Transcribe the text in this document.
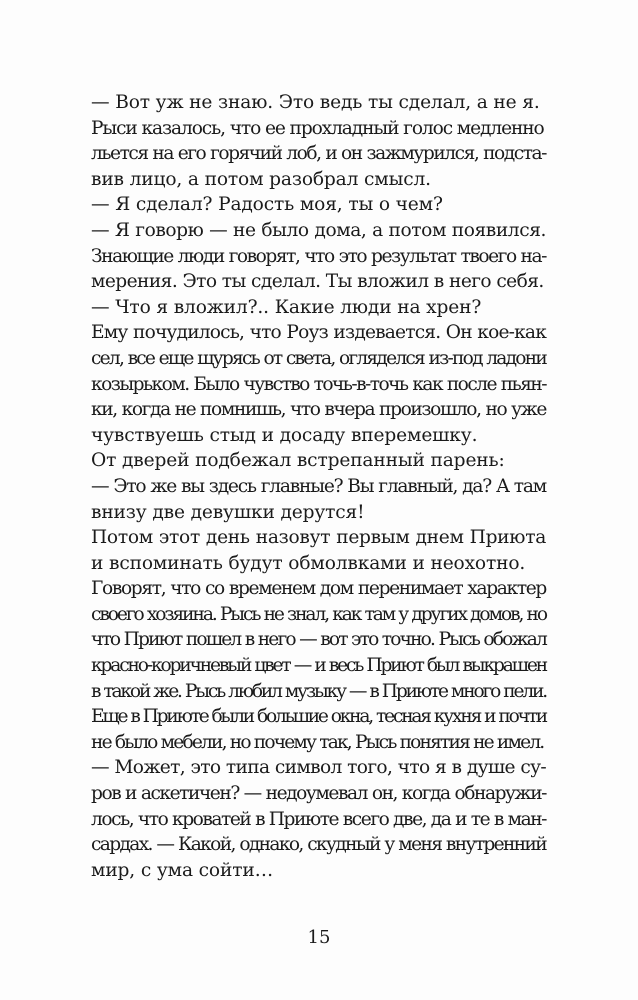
— Вот уж не знаю. Это ведь ты сделал, а не я.
Рыси казалось, что ее прохладный голос медленно
льется на его горячий лоб, и он зажмурился, подста-
вив лицо, а потом разобрал смысл.
— Я сделал? Радость моя, ты о чем?
— Я говорю — не было дома, а потом появился.
Знающие люди говорят, что это результат твоего на-
мерения. Это ты сделал. Ты вложил в него себя.
— Что я вложил?.. Какие люди на хрен?
Ему почудилось, что Роуз издевается. Он кое-как
сел, все еще щурясь от света, огляделся из-под ладони
козырьком. Было чувство точь-в-точь как после пьян-
ки, когда не помнишь, что вчера произошло, но уже
чувствуешь стыд и досаду вперемешку.
От дверей подбежал встрепанный парень:
— Это же вы здесь главные? Вы главный, да? А там
внизу две девушки дерутся!
Потом этот день назовут первым днем Приюта
и вспоминать будут обмолвками и неохотно.
Говорят, что со временем дом перенимает характер
своего хозяина. Рысь не знал, как там у других домов, но
что Приют пошел в него — вот это точно. Рысь обожал
красно-коричневый цвет — и весь Приют был выкрашен
в такой же. Рысь любил музыку — в Приюте много пели.
Еще в Приюте были большие окна, тесная кухня и почти
не было мебели, но почему так, Рысь понятия не имел.
— Может, это типа символ того, что я в душе су-
ров и аскетичен? — недоумевал он, когда обнаружи-
лось, что кроватей в Приюте всего две, да и те в ман-
сардах. — Какой, однако, скудный у меня внутренний
мир, с ума сойти…
15
